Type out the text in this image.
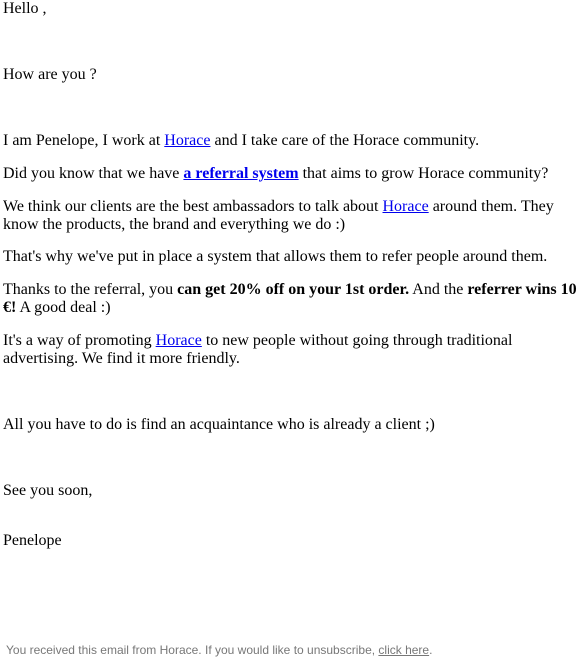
Hello ,

How are you ?

I am Penelope, I work at Horace and I take care of the Horace community.

Did you know that we have a referral system that aims to grow Horace community?

We think our clients are the best ambassadors to talk about Horace around them. They know the products, the brand and everything we do :)

That's why we've put in place a system that allows them to refer people around them.

Thanks to the referral, you can get 20% off on your 1st order. And the referrer wins 10 €! A good deal :)

It's a way of promoting Horace to new people without going through traditional advertising. We find it more friendly.

All you have to do is find an acquaintance who is already a client ;)

See you soon,

Penelope

You received this email from Horace. If you would like to unsubscribe, click here.
